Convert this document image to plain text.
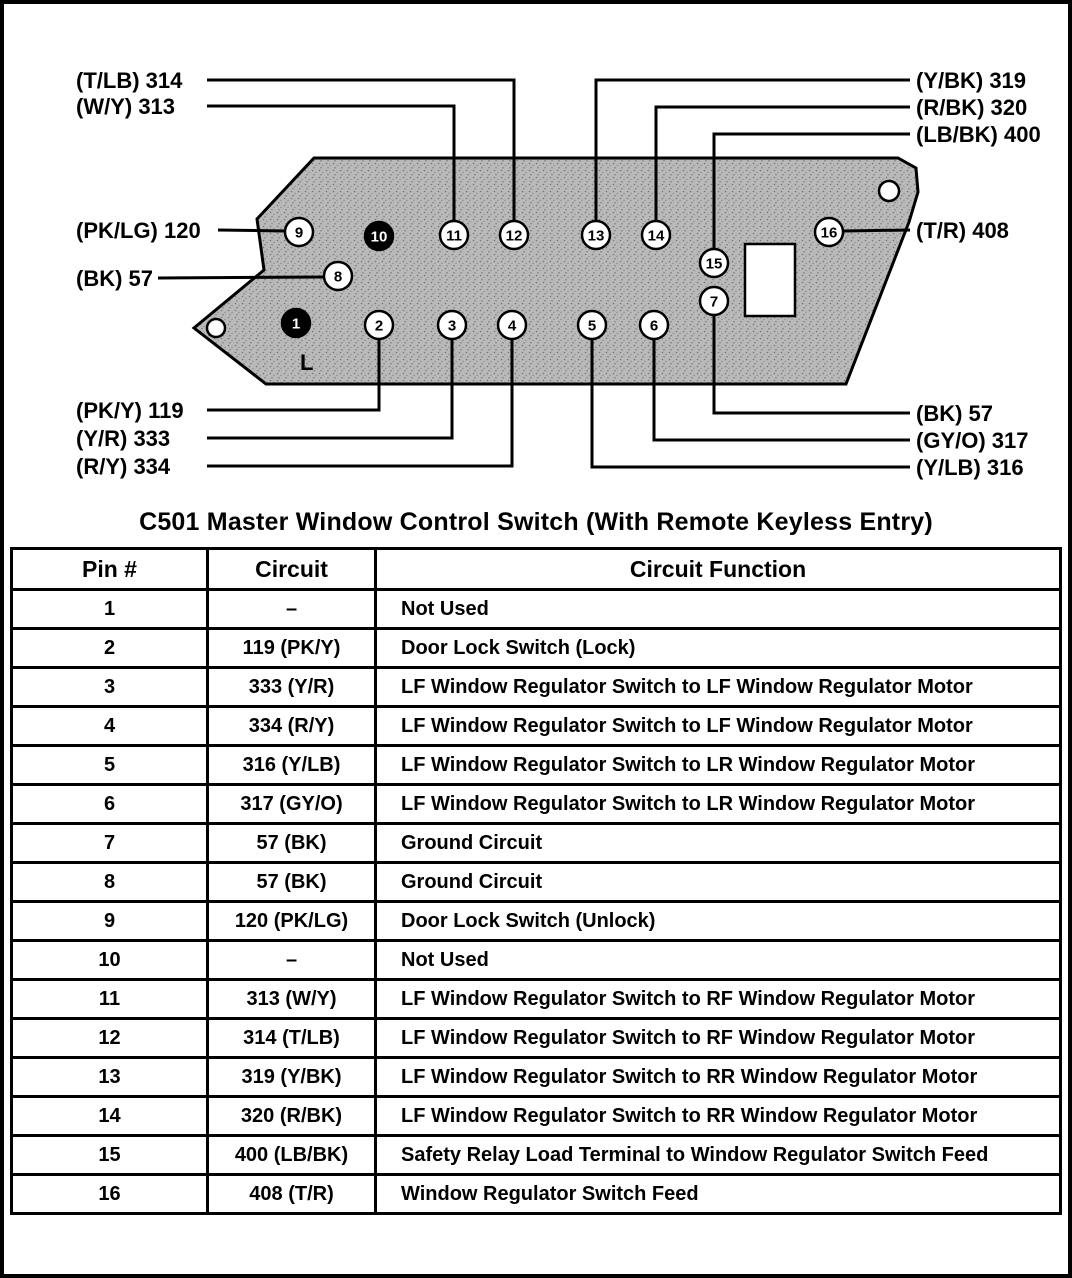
L
(T/LB) 314
(W/Y) 313
(Y/BK) 319
(R/BK) 320
(LB/BK) 400
(PK/LG) 120
(BK) 57
(T/R) 408
(PK/Y) 119
(Y/R) 333
(R/Y) 334
(BK) 57
(GY/O) 317
(Y/LB) 316
1	2	3	4	5	6
7
8
9	10	11	12	13	14
15
16
C501 Master Window Control Switch (With Remote Keyless Entry)
Pin #	Circuit	Circuit Function
1	–	Not Used
2	119 (PK/Y)	Door Lock Switch (Lock)
3	333 (Y/R)	LF Window Regulator Switch to LF Window Regulator Motor
4	334 (R/Y)	LF Window Regulator Switch to LF Window Regulator Motor
5	316 (Y/LB)	LF Window Regulator Switch to LR Window Regulator Motor
6	317 (GY/O)	LF Window Regulator Switch to LR Window Regulator Motor
7	57 (BK)	Ground Circuit
8	57 (BK)	Ground Circuit
9	120 (PK/LG)	Door Lock Switch (Unlock)
10	–	Not Used
11	313 (W/Y)	LF Window Regulator Switch to RF Window Regulator Motor
12	314 (T/LB)	LF Window Regulator Switch to RF Window Regulator Motor
13	319 (Y/BK)	LF Window Regulator Switch to RR Window Regulator Motor
14	320 (R/BK)	LF Window Regulator Switch to RR Window Regulator Motor
15	400 (LB/BK)	Safety Relay Load Terminal to Window Regulator Switch Feed
16	408 (T/R)	Window Regulator Switch Feed
